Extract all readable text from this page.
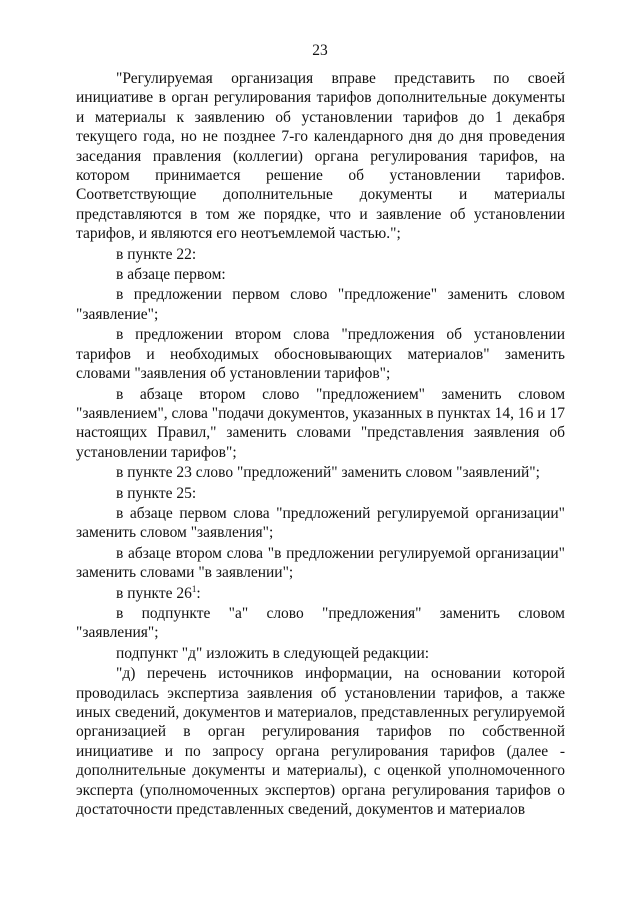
23

"Регулируемая организация вправе представить по своей инициативе в орган регулирования тарифов дополнительные документы и материалы к заявлению об установлении тарифов до 1 декабря текущего года, но не позднее 7-го календарного дня до дня проведения заседания правления (коллегии) органа регулирования тарифов, на котором принимается решение об установлении тарифов. Соответствующие дополнительные документы и материалы представляются в том же порядке, что и заявление об установлении тарифов, и являются его неотъемлемой частью.";

в пункте 22:

в абзаце первом:

в предложении первом слово "предложение" заменить словом "заявление";

в предложении втором слова "предложения об установлении тарифов и необходимых обосновывающих материалов" заменить словами "заявления об установлении тарифов";

в абзаце втором слово "предложением" заменить словом "заявлением", слова "подачи документов, указанных в пунктах 14, 16 и 17 настоящих Правил," заменить словами "представления заявления об установлении тарифов";

в пункте 23 слово "предложений" заменить словом "заявлений";

в пункте 25:

в абзаце первом слова "предложений регулируемой организации" заменить словом "заявления";

в абзаце втором слова "в предложении регулируемой организации" заменить словами "в заявлении";

в пункте $26^1$:

в подпункте "а" слово "предложения" заменить словом "заявления";

подпункт "д" изложить в следующей редакции:

"д) перечень источников информации, на основании которой проводилась экспертиза заявления об установлении тарифов, а также иных сведений, документов и материалов, представленных регулируемой организацией в орган регулирования тарифов по собственной инициативе и по запросу органа регулирования тарифов (далее - дополнительные документы и материалы), с оценкой уполномоченного эксперта (уполномоченных экспертов) органа регулирования тарифов о достаточности представленных сведений, документов и материалов
